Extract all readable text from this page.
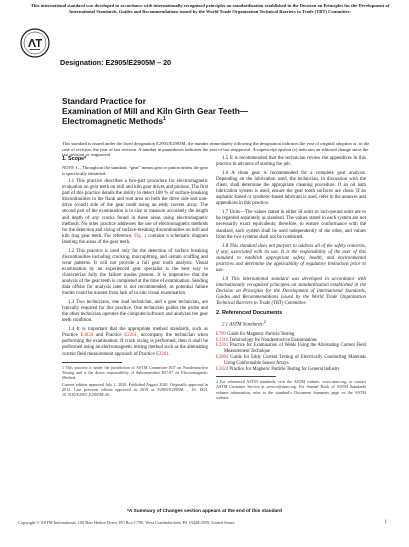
This international standard was developed in accordance with internationally recognized principles on standardization established in the Decision on Principles for the Development of International Standards, Guides and Recommendations issued by the World Trade Organization Technical Barriers to Trade (TBT) Committee.
Designation: E2905/E2905M – 20
Standard Practice for
Examination of Mill and Kiln Girth Gear Teeth—
Electromagnetic Methods$^1$
This standard is issued under the fixed designation E2905/E2905M; the number immediately following the designation indicates the year of original adoption or, in the case of revision, the year of last revision. A number in parentheses indicates the year of last reapproval. A superscript epsilon (ε) indicates an editorial change since the last revision or reapproval.
1. Scope*
NOTE 1—Throughout the standard, “gear” means gear or pinion unless the gear is specifically identified.
1.1 This practice describes a two-part procedure for electromagnetic evaluation on gear teeth on mill and kiln gear drives and pinions. The first part of this practice details the ability to detect 100 % of surface-breaking discontinuities in the flank and root area on both the drive side and non-drive (coast) side of the gear tooth using an eddy current array. The second part of the examination is to size or measure accurately the length and depth of any cracks found in these areas using electromagnetic methods. No other practice addresses the use of electromagnetic methods for the detection and sizing of surface-breaking discontinuities on mill and kiln ring gear teeth. For reference, Fig. 1 contains a schematic diagram labeling the areas of the gear teeth.
1.2 This practice is used only for the detection of surface breaking discontinuities including cracking, macropitting, and certain scuffing and wear patterns. It will not provide a full gear tooth analysis. Visual examination by an experienced gear specialist is the best way to characterize fully the failure modes present. It is imperative that the analysis of the gear teeth is completed at the time of examination. Sending data offsite for analysis later is not recommended, as potential failure modes could be missed from lack of in-situ visual examination.
1.3 Two technicians, one lead technician, and a gear technician, are typically required for this practice. One technician guides the probe and the other technician operates the computer/software and analyzes the gear teeth condition.
1.4 It is important that the appropriate method standards, such as Practice E3024 and Practice E2261, accompany the technician when performing the examination. If crack sizing is performed, then it shall be performed using an electromagnetic testing method such as the alternating current field measurement approach of Practice E2261.
1 This practice is under the jurisdiction of ASTM Committee E07 on Nondestructive Testing and is the direct responsibility of Subcommittee E07.07 on Electromagnetic Method.
Current edition approved July 1, 2020. Published August 2020. Originally approved in 2012. Last previous edition approved in 2019 as E2905/E2905M – 19. DOI: 10.1520/E2905_E2905M-20.
1.5 It is recommended that the technician review the appendixes in this practice in advance of starting the job.
1.6 A clean gear is recommended for a complete gear analysis. Depending on the lubrication used, the technician, in discussion with the client, shall determine the appropriate cleaning procedure. If an oil bath lubrication system is used, ensure the gear tooth surfaces are clean. If an asphaltic-based or synthetic-based lubricant is used, refer to the annexes and appendices in this practice.
1.7 Units—The values stated in either SI units or inch-pound units are to be regarded separately as standard. The values stated in each system are not necessarily exact equivalents; therefore, to ensure conformance with the standard, each system shall be used independently of the other, and values from the two systems shall not be combined.
1.8 This standard does not purport to address all of the safety concerns, if any, associated with its use. It is the responsibility of the user of this standard to establish appropriate safety, health, and environmental practices and determine the applicability of regulatory limitations prior to use.
1.9 This international standard was developed in accordance with internationally recognized principles on standardization established in the Decision on Principles for the Development of International Standards, Guides and Recommendations issued by the World Trade Organization Technical Barriers to Trade (TBT) Committee.
2. Referenced Documents
2.1 ASTM Standards:$^2$
E709 Guide for Magnetic Particle Testing
E1316 Terminology for Nondestructive Examinations
E2261 Practice for Examination of Welds Using the Alternating Current Field Measurement Technique
E2884 Guide for Eddy Current Testing of Electrically Conducting Materials Using Conformable Sensor Arrays
E3024 Practice for Magnetic Particle Testing for General Industry
2 For referenced ASTM standards, visit the ASTM website, www.astm.org, or contact ASTM Customer Service at service@astm.org. For Annual Book of ASTM Standards volume information, refer to the standard’s Document Summary page on the ASTM website.
*A Summary of Changes section appears at the end of this standard
Copyright © ASTM International, 100 Barr Harbor Drive, PO Box C700, West Conshohocken, PA 19428-2959. United States	1
